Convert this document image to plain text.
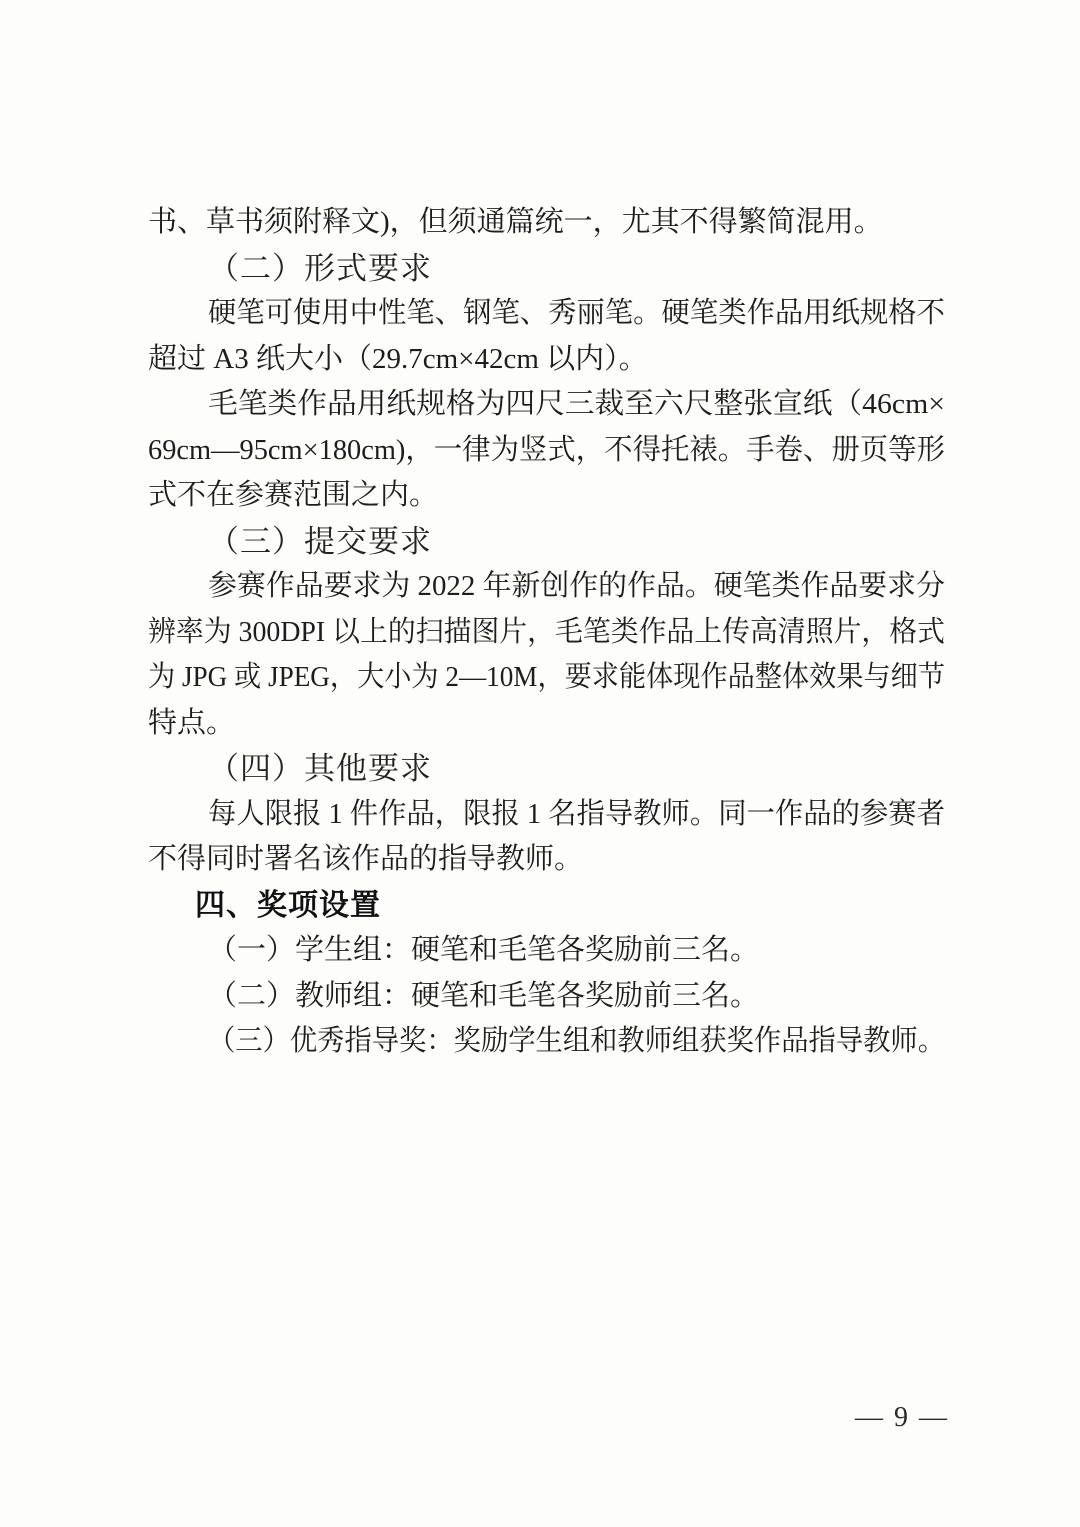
书、草书须附释文)，但须通篇统一，尤其不得繁简混用。
（二）形式要求
硬笔可使用中性笔、钢笔、秀丽笔。硬笔类作品用纸规格不
超过 A3 纸大小（29.7cm×42cm 以内）。
毛笔类作品用纸规格为四尺三裁至六尺整张宣纸（46cm×
69cm—95cm×180cm)，一律为竖式，不得托裱。手卷、册页等形
式不在参赛范围之内。
（三）提交要求
参赛作品要求为 2022 年新创作的作品。硬笔类作品要求分
辨率为 300DPI 以上的扫描图片，毛笔类作品上传高清照片，格式
为 JPG 或 JPEG，大小为 2—10M，要求能体现作品整体效果与细节
特点。
（四）其他要求
每人限报 1 件作品，限报 1 名指导教师。同一作品的参赛者
不得同时署名该作品的指导教师。
四、奖项设置
（一）学生组：硬笔和毛笔各奖励前三名。
（二）教师组：硬笔和毛笔各奖励前三名。
（三）优秀指导奖：奖励学生组和教师组获奖作品指导教师。
— 9 —
